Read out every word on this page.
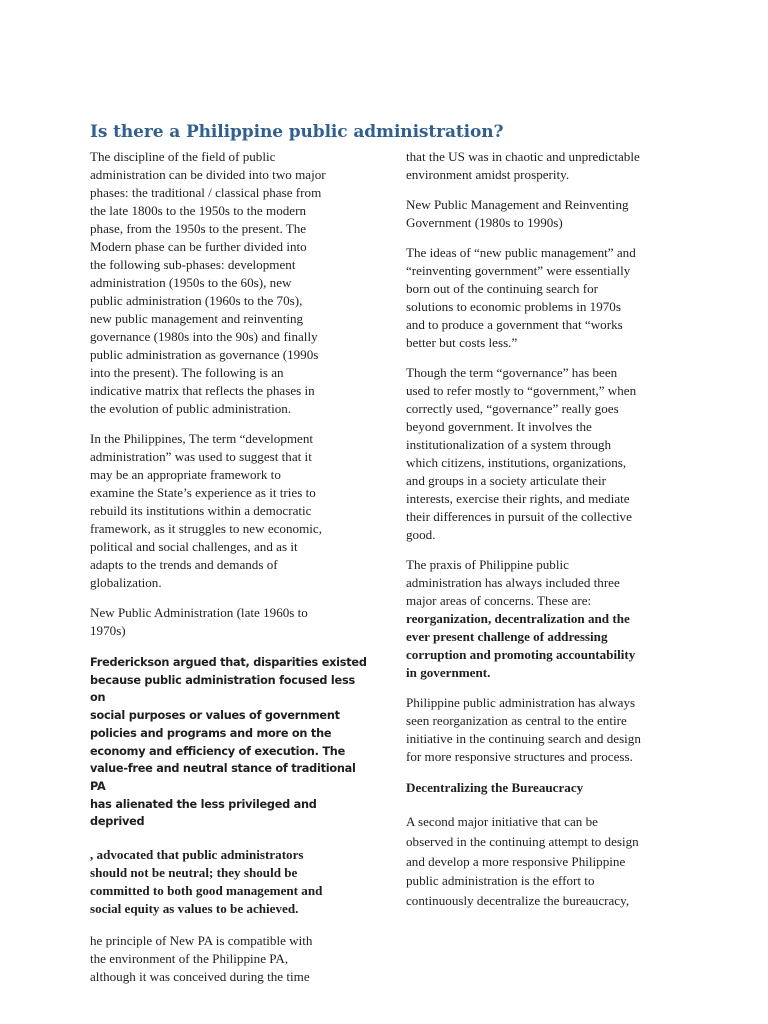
Is there a Philippine public administration?

The discipline of the field of public
administration can be divided into two major
phases: the traditional / classical phase from
the late 1800s to the 1950s to the modern
phase, from the 1950s to the present. The
Modern phase can be further divided into
the following sub-phases: development
administration (1950s to the 60s), new
public administration (1960s to the 70s),
new public management and reinventing
governance (1980s into the 90s) and finally
public administration as governance (1990s
into the present). The following is an
indicative matrix that reflects the phases in
the evolution of public administration.

In the Philippines, The term “development
administration” was used to suggest that it
may be an appropriate framework to
examine the State’s experience as it tries to
rebuild its institutions within a democratic
framework, as it struggles to new economic,
political and social challenges, and as it
adapts to the trends and demands of
globalization.

New Public Administration (late 1960s to
1970s)

Frederickson argued that, disparities existed
because public administration focused less on
social purposes or values of government
policies and programs and more on the
economy and efficiency of execution. The
value-free and neutral stance of traditional PA
has alienated the less privileged and deprived

, advocated that public administrators
should not be neutral; they should be
committed to both good management and
social equity as values to be achieved.

he principle of New PA is compatible with
the environment of the Philippine PA,
although it was conceived during the time

that the US was in chaotic and unpredictable
environment amidst prosperity.

New Public Management and Reinventing
Government (1980s to 1990s)

The ideas of “new public management” and
“reinventing government” were essentially
born out of the continuing search for
solutions to economic problems in 1970s
and to produce a government that “works
better but costs less.”

Though the term “governance” has been
used to refer mostly to “government,” when
correctly used, “governance” really goes
beyond government. It involves the
institutionalization of a system through
which citizens, institutions, organizations,
and groups in a society articulate their
interests, exercise their rights, and mediate
their differences in pursuit of the collective
good.

The praxis of Philippine public
administration has always included three
major areas of concerns. These are:
reorganization, decentralization and the
ever present challenge of addressing
corruption and promoting accountability
in government.

Philippine public administration has always
seen reorganization as central to the entire
initiative in the continuing search and design
for more responsive structures and process.

Decentralizing the Bureaucracy

A second major initiative that can be
observed in the continuing attempt to design
and develop a more responsive Philippine
public administration is the effort to
continuously decentralize the bureaucracy,
